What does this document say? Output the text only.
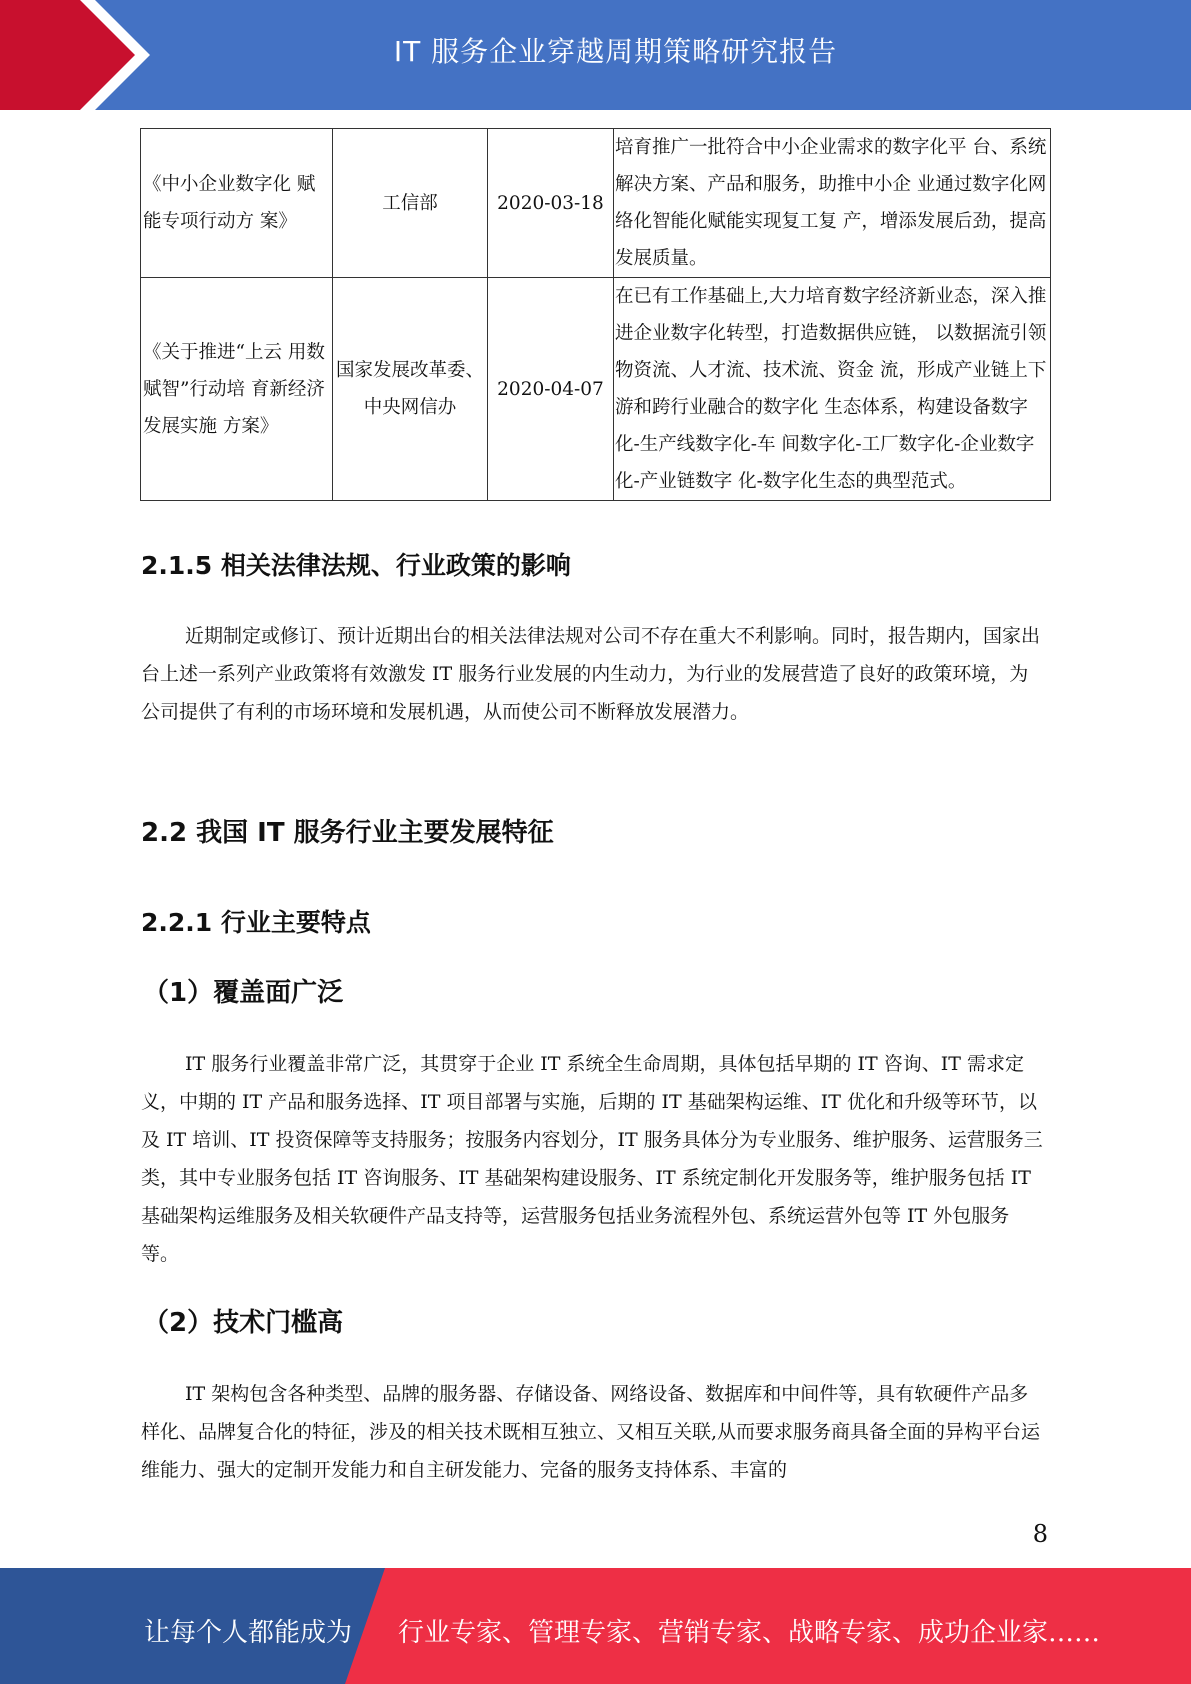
IT 服务企业穿越周期策略研究报告
《中小企业数字化 赋能专项行动方 案》	工信部	2020-03-18	培育推广一批符合中小企业需求的数字化平 台、系统解决方案、产品和服务，助推中小企 业通过数字化网络化智能化赋能实现复工复 产，增添发展后劲，提高发展质量。
《关于推进“上云 用数赋智”行动培 育新经济发展实施 方案》	国家发展改革委、中央网信办	2020-04-07	在已有工作基础上,大力培育数字经济新业态，深入推进企业数字化转型，打造数据供应链， 以数据流引领物资流、人才流、技术流、资金 流，形成产业链上下游和跨行业融合的数字化 生态体系，构建设备数字化-生产线数字化-车 间数字化-工厂数字化-企业数字化-产业链数字 化-数字化生态的典型范式。
2.1.5 相关法律法规、行业政策的影响

近期制定或修订、预计近期出台的相关法律法规对公司不存在重大不利影响。同时，报告期内，国家出台上述一系列产业政策将有效激发 IT 服务行业发展的内生动力，为行业的发展营造了良好的政策环境，为公司提供了有利的市场环境和发展机遇，从而使公司不断释放发展潜力。

2.2 我国 IT 服务行业主要发展特征
2.2.1 行业主要特点
（1）覆盖面广泛

IT 服务行业覆盖非常广泛，其贯穿于企业 IT 系统全生命周期，具体包括早期的 IT 咨询、IT 需求定义，中期的 IT 产品和服务选择、IT 项目部署与实施，后期的 IT 基础架构运维、IT 优化和升级等环节，以及 IT 培训、IT 投资保障等支持服务；按服务内容划分，IT 服务具体分为专业服务、维护服务、运营服务三类，其中专业服务包括 IT 咨询服务、IT 基础架构建设服务、IT 系统定制化开发服务等，维护服务包括 IT 基础架构运维服务及相关软硬件产品支持等，运营服务包括业务流程外包、系统运营外包等 IT 外包服务等。

（2）技术门槛高

IT 架构包含各种类型、品牌的服务器、存储设备、网络设备、数据库和中间件等，具有软硬件产品多样化、品牌复合化的特征，涉及的相关技术既相互独立、又相互关联,从而要求服务商具备全面的异构平台运维能力、强大的定制开发能力和自主研发能力、完备的服务支持体系、丰富的

8
让每个人都能成为 行业专家、管理专家、营销专家、战略专家、成功企业家……
